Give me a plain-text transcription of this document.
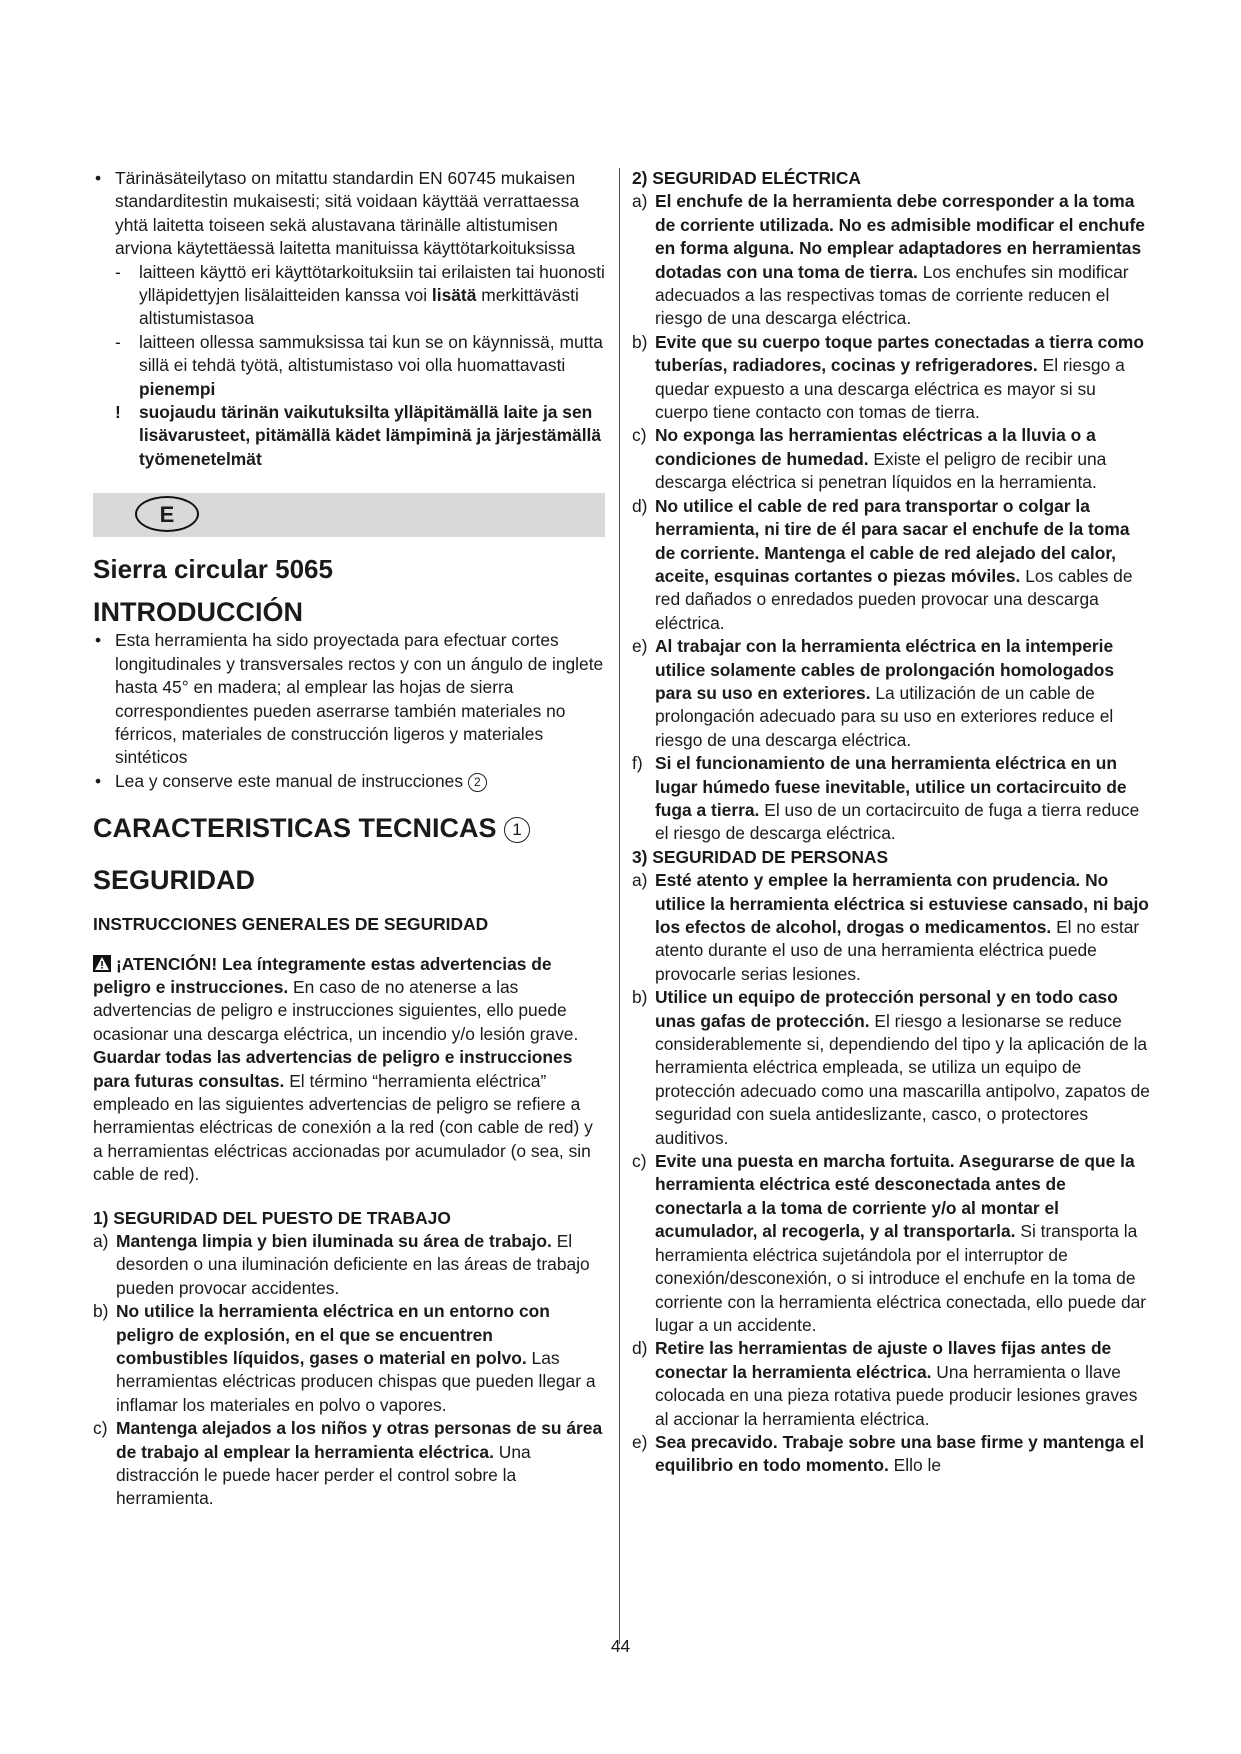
• Tärinäsäteilytaso on mitattu standardin EN 60745 mukaisen standarditestin mukaisesti; sitä voidaan käyttää verrattaessa yhtä laitetta toiseen sekä alustavana tärinälle altistumisen arviona käytettäessä laitetta manituissa käyttötarkoituksissa

- laitteen käyttö eri käyttötarkoituksiin tai erilaisten tai huonosti ylläpidettyjen lisälaitteiden kanssa voi lisätä merkittävästi altistumistasoa

- laitteen ollessa sammuksissa tai kun se on käynnissä, mutta sillä ei tehdä työtä, altistumistaso voi olla huomattavasti pienempi

! suojaudu tärinän vaikutuksilta ylläpitämällä laite ja sen lisävarusteet, pitämällä kädet lämpiminä ja järjestämällä työmenetelmät

E
Sierra circular 5065
INTRODUCCIÓN

• Esta herramienta ha sido proyectada para efectuar cortes longitudinales y transversales rectos y con un ángulo de inglete hasta 45° en madera; al emplear las hojas de sierra correspondientes pueden aserrarse también materiales no férricos, materiales de construcción ligeros y materiales sintéticos

• Lea y conserve este manual de instrucciones 2

CARACTERISTICAS TECNICAS 1
SEGURIDAD
INSTRUCCIONES GENERALES DE SEGURIDAD

¡ATENCIÓN! Lea íntegramente estas advertencias de peligro e instrucciones. En caso de no atenerse a las advertencias de peligro e instrucciones siguientes, ello puede ocasionar una descarga eléctrica, un incendio y/o lesión grave. Guardar todas las advertencias de peligro e instrucciones para futuras consultas. El término “herramienta eléctrica” empleado en las siguientes advertencias de peligro se refiere a herramientas eléctricas de conexión a la red (con cable de red) y a herramientas eléctricas accionadas por acumulador (o sea, sin cable de red).

1) SEGURIDAD DEL PUESTO DE TRABAJO

a) Mantenga limpia y bien iluminada su área de trabajo. El desorden o una iluminación deficiente en las áreas de trabajo pueden provocar accidentes.

b) No utilice la herramienta eléctrica en un entorno con peligro de explosión, en el que se encuentren combustibles líquidos, gases o material en polvo. Las herramientas eléctricas producen chispas que pueden llegar a inflamar los materiales en polvo o vapores.

c) Mantenga alejados a los niños y otras personas de su área de trabajo al emplear la herramienta eléctrica. Una distracción le puede hacer perder el control sobre la herramienta.

2) SEGURIDAD ELÉCTRICA

a) El enchufe de la herramienta debe corresponder a la toma de corriente utilizada. No es admisible modificar el enchufe en forma alguna. No emplear adaptadores en herramientas dotadas con una toma de tierra. Los enchufes sin modificar adecuados a las respectivas tomas de corriente reducen el riesgo de una descarga eléctrica.

b) Evite que su cuerpo toque partes conectadas a tierra como tuberías, radiadores, cocinas y refrigeradores. El riesgo a quedar expuesto a una descarga eléctrica es mayor si su cuerpo tiene contacto con tomas de tierra.

c) No exponga las herramientas eléctricas a la lluvia o a condiciones de humedad. Existe el peligro de recibir una descarga eléctrica si penetran líquidos en la herramienta.

d) No utilice el cable de red para transportar o colgar la herramienta, ni tire de él para sacar el enchufe de la toma de corriente. Mantenga el cable de red alejado del calor, aceite, esquinas cortantes o piezas móviles. Los cables de red dañados o enredados pueden provocar una descarga eléctrica.

e) Al trabajar con la herramienta eléctrica en la intemperie utilice solamente cables de prolongación homologados para su uso en exteriores. La utilización de un cable de prolongación adecuado para su uso en exteriores reduce el riesgo de una descarga eléctrica.

f) Si el funcionamiento de una herramienta eléctrica en un lugar húmedo fuese inevitable, utilice un cortacircuito de fuga a tierra. El uso de un cortacircuito de fuga a tierra reduce el riesgo de descarga eléctrica.

3) SEGURIDAD DE PERSONAS

a) Esté atento y emplee la herramienta con prudencia. No utilice la herramienta eléctrica si estuviese cansado, ni bajo los efectos de alcohol, drogas o medicamentos. El no estar atento durante el uso de una herramienta eléctrica puede provocarle serias lesiones.

b) Utilice un equipo de protección personal y en todo caso unas gafas de protección. El riesgo a lesionarse se reduce considerablemente si, dependiendo del tipo y la aplicación de la herramienta eléctrica empleada, se utiliza un equipo de protección adecuado como una mascarilla antipolvo, zapatos de seguridad con suela antideslizante, casco, o protectores auditivos.

c) Evite una puesta en marcha fortuita. Asegurarse de que la herramienta eléctrica esté desconectada antes de conectarla a la toma de corriente y/o al montar el acumulador, al recogerla, y al transportarla. Si transporta la herramienta eléctrica sujetándola por el interruptor de conexión/desconexión, o si introduce el enchufe en la toma de corriente con la herramienta eléctrica conectada, ello puede dar lugar a un accidente.

d) Retire las herramientas de ajuste o llaves fijas antes de conectar la herramienta eléctrica. Una herramienta o llave colocada en una pieza rotativa puede producir lesiones graves al accionar la herramienta eléctrica.

e) Sea precavido. Trabaje sobre una base firme y mantenga el equilibrio en todo momento. Ello le

44
